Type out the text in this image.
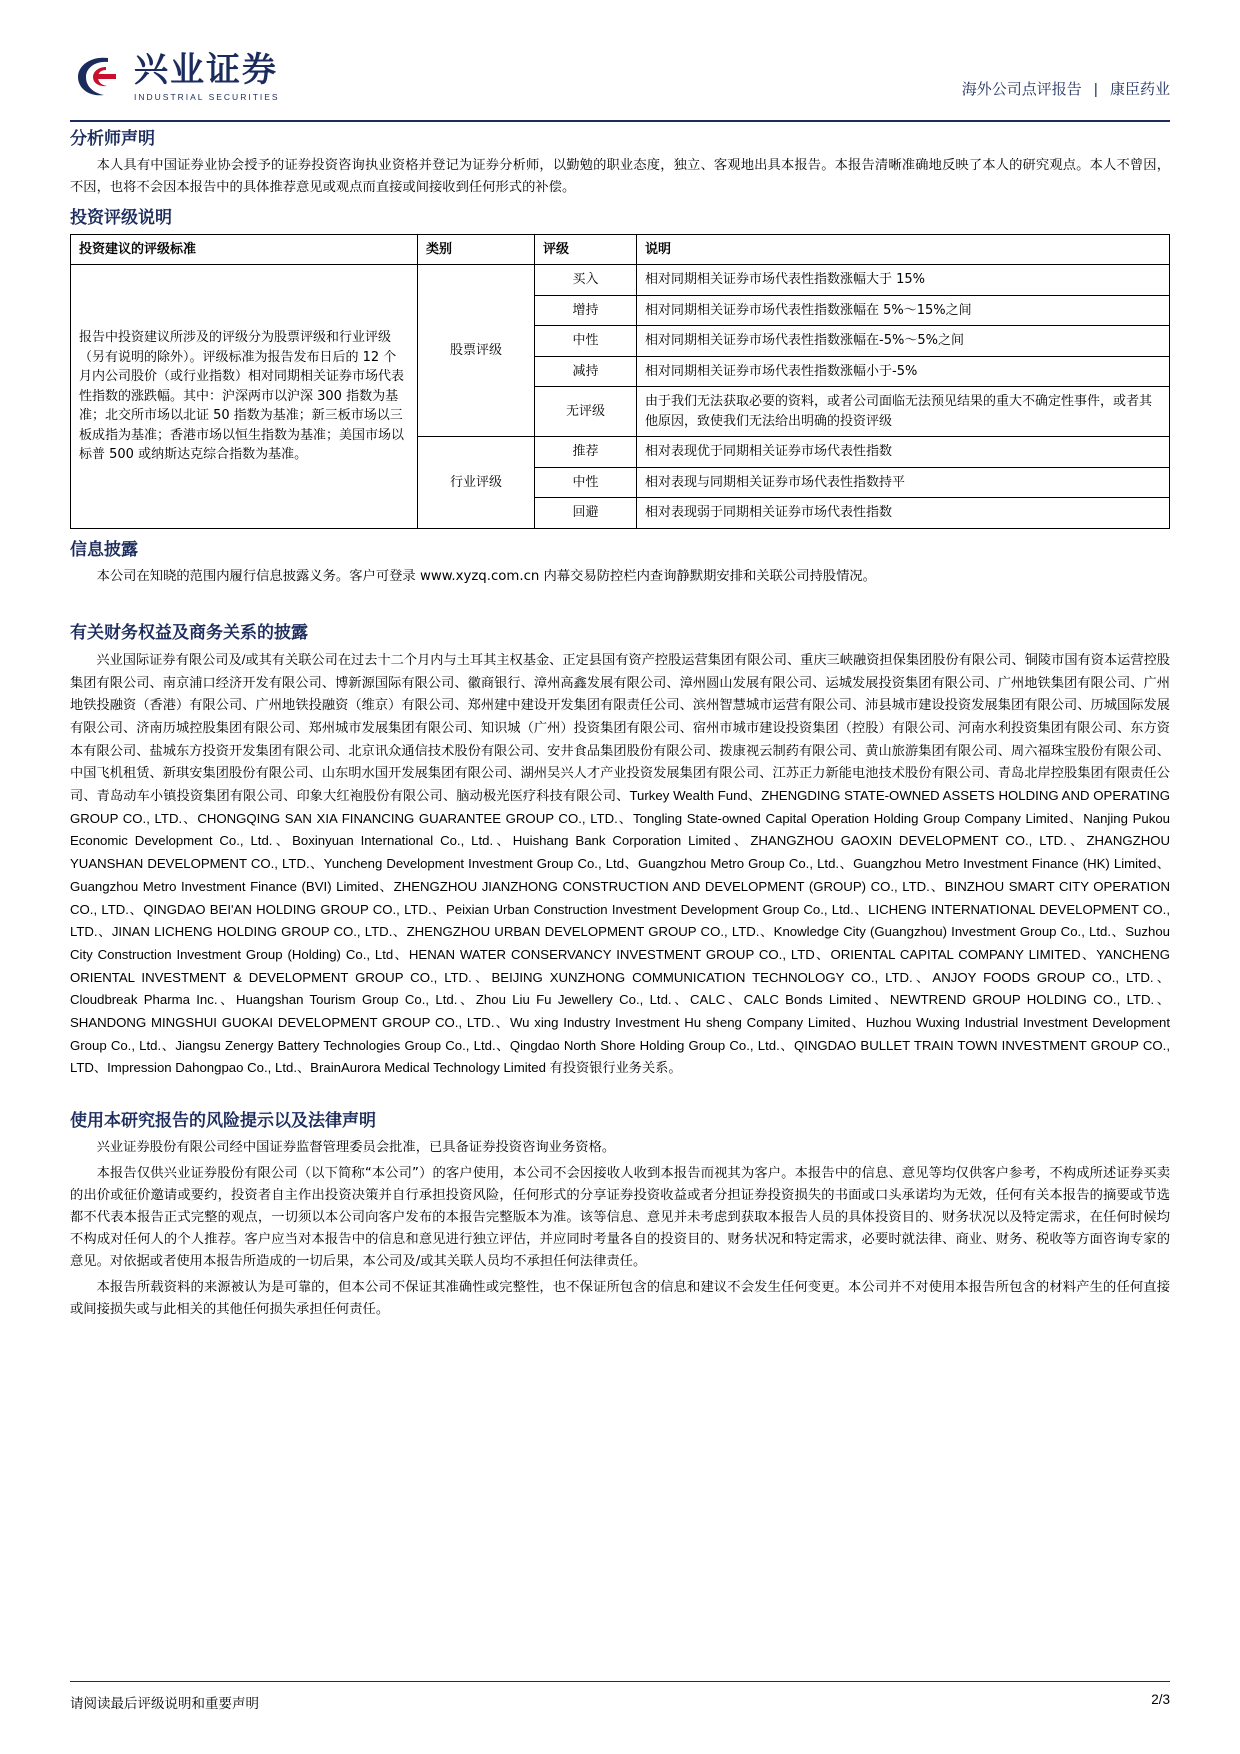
兴业证券
INDUSTRIAL SECURITIES	海外公司点评报告 | 康臣药业
分析师声明

本人具有中国证券业协会授予的证券投资咨询执业资格并登记为证券分析师，以勤勉的职业态度，独立、客观地出具本报告。本报告清晰准确地反映了本人的研究观点。本人不曾因，不因，也将不会因本报告中的具体推荐意见或观点而直接或间接收到任何形式的补偿。

投资评级说明
投资建议的评级标准	类别	评级	说明
报告中投资建议所涉及的评级分为股票评级和行业评级（另有说明的除外）。评级标准为报告发布日后的 12 个月内公司股价（或行业指数）相对同期相关证券市场代表性指数的涨跌幅。其中：沪深两市以沪深 300 指数为基准；北交所市场以北证 50 指数为基准；新三板市场以三板成指为基准；香港市场以恒生指数为基准；美国市场以标普 500 或纳斯达克综合指数为基准。	股票评级	买入	相对同期相关证券市场代表性指数涨幅大于 15%
		增持	相对同期相关证券市场代表性指数涨幅在 5%～15%之间
		中性	相对同期相关证券市场代表性指数涨幅在-5%～5%之间
		减持	相对同期相关证券市场代表性指数涨幅小于-5%
		无评级	由于我们无法获取必要的资料，或者公司面临无法预见结果的重大不确定性事件，或者其他原因，致使我们无法给出明确的投资评级
	行业评级	推荐	相对表现优于同期相关证券市场代表性指数
		中性	相对表现与同期相关证券市场代表性指数持平
		回避	相对表现弱于同期相关证券市场代表性指数
信息披露

本公司在知晓的范围内履行信息披露义务。客户可登录 www.xyzq.com.cn 内幕交易防控栏内查询静默期安排和关联公司持股情况。

有关财务权益及商务关系的披露

兴业国际证券有限公司及/或其有关联公司在过去十二个月内与土耳其主权基金、正定县国有资产控股运营集团有限公司、重庆三峡融资担保集团股份有限公司、铜陵市国有资本运营控股集团有限公司、南京浦口经济开发有限公司、博新源国际有限公司、徽商银行、漳州高鑫发展有限公司、漳州圆山发展有限公司、运城发展投资集团有限公司、广州地铁集团有限公司、广州地铁投融资（香港）有限公司、广州地铁投融资（维京）有限公司、郑州建中建设开发集团有限责任公司、滨州智慧城市运营有限公司、沛县城市建设投资发展集团有限公司、历城国际发展有限公司、济南历城控股集团有限公司、郑州城市发展集团有限公司、知识城（广州）投资集团有限公司、宿州市城市建设投资集团（控股）有限公司、河南水利投资集团有限公司、东方资本有限公司、盐城东方投资开发集团有限公司、北京讯众通信技术股份有限公司、安井食品集团股份有限公司、拨康视云制药有限公司、黄山旅游集团有限公司、周六福珠宝股份有限公司、中国飞机租赁、新琪安集团股份有限公司、山东明水国开发展集团有限公司、湖州吴兴人才产业投资发展集团有限公司、江苏正力新能电池技术股份有限公司、青岛北岸控股集团有限责任公司、青岛动车小镇投资集团有限公司、印象大红袍股份有限公司、脑动极光医疗科技有限公司、Turkey Wealth Fund、ZHENGDING STATE-OWNED ASSETS HOLDING AND OPERATING GROUP CO., LTD.、CHONGQING SAN XIA FINANCING GUARANTEE GROUP CO., LTD.、Tongling State-owned Capital Operation Holding Group Company Limited、Nanjing Pukou Economic Development Co., Ltd.、Boxinyuan International Co., Ltd.、Huishang Bank Corporation Limited、ZHANGZHOU GAOXIN DEVELOPMENT CO., LTD.、ZHANGZHOU YUANSHAN DEVELOPMENT CO., LTD.、Yuncheng Development Investment Group Co., Ltd、Guangzhou Metro Group Co., Ltd.、Guangzhou Metro Investment Finance (HK) Limited、Guangzhou Metro Investment Finance (BVI) Limited、ZHENGZHOU JIANZHONG CONSTRUCTION AND DEVELOPMENT (GROUP) CO., LTD.、BINZHOU SMART CITY OPERATION CO., LTD.、QINGDAO BEI'AN HOLDING GROUP CO., LTD.、Peixian Urban Construction Investment Development Group Co., Ltd.、LICHENG INTERNATIONAL DEVELOPMENT CO., LTD.、JINAN LICHENG HOLDING GROUP CO., LTD.、ZHENGZHOU URBAN DEVELOPMENT GROUP CO., LTD.、Knowledge City (Guangzhou) Investment Group Co., Ltd.、Suzhou City Construction Investment Group (Holding) Co., Ltd、HENAN WATER CONSERVANCY INVESTMENT GROUP CO., LTD、ORIENTAL CAPITAL COMPANY LIMITED、YANCHENG ORIENTAL INVESTMENT & DEVELOPMENT GROUP CO., LTD.、BEIJING XUNZHONG COMMUNICATION TECHNOLOGY CO., LTD.、ANJOY FOODS GROUP CO., LTD.、Cloudbreak Pharma Inc.、Huangshan Tourism Group Co., Ltd.、Zhou Liu Fu Jewellery Co., Ltd.、CALC、CALC Bonds Limited、NEWTREND GROUP HOLDING CO., LTD.、SHANDONG MINGSHUI GUOKAI DEVELOPMENT GROUP CO., LTD.、Wu xing Industry Investment Hu sheng Company Limited、Huzhou Wuxing Industrial Investment Development Group Co., Ltd.、Jiangsu Zenergy Battery Technologies Group Co., Ltd.、Qingdao North Shore Holding Group Co., Ltd.、QINGDAO BULLET TRAIN TOWN INVESTMENT GROUP CO., LTD、Impression Dahongpao Co., Ltd.、BrainAurora Medical Technology Limited 有投资银行业务关系。

使用本研究报告的风险提示以及法律声明

兴业证券股份有限公司经中国证券监督管理委员会批准，已具备证券投资咨询业务资格。

本报告仅供兴业证券股份有限公司（以下简称“本公司”）的客户使用，本公司不会因接收人收到本报告而视其为客户。本报告中的信息、意见等均仅供客户参考，不构成所述证券买卖的出价或征价邀请或要约，投资者自主作出投资决策并自行承担投资风险，任何形式的分享证券投资收益或者分担证券投资损失的书面或口头承诺均为无效，任何有关本报告的摘要或节选都不代表本报告正式完整的观点，一切须以本公司向客户发布的本报告完整版本为准。该等信息、意见并未考虑到获取本报告人员的具体投资目的、财务状况以及特定需求，在任何时候均不构成对任何人的个人推荐。客户应当对本报告中的信息和意见进行独立评估，并应同时考量各自的投资目的、财务状况和特定需求，必要时就法律、商业、财务、税收等方面咨询专家的意见。对依据或者使用本报告所造成的一切后果，本公司及/或其关联人员均不承担任何法律责任。

本报告所载资料的来源被认为是可靠的，但本公司不保证其准确性或完整性，也不保证所包含的信息和建议不会发生任何变更。本公司并不对使用本报告所包含的材料产生的任何直接或间接损失或与此相关的其他任何损失承担任何责任。

请阅读最后评级说明和重要声明	2/3
